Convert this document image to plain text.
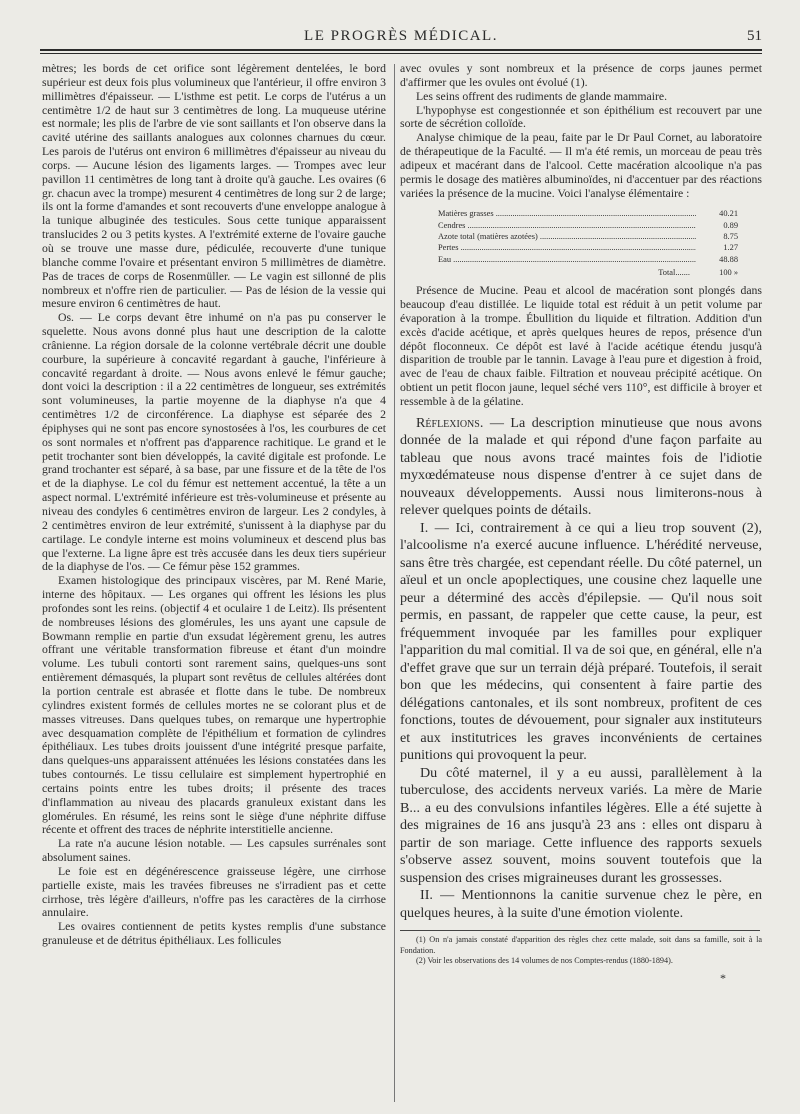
LE PROGRÈS MÉDICAL.	51

mètres; les bords de cet orifice sont légèrement dentelées, le bord supérieur est deux fois plus volumineux que l'antérieur, il offre environ 3 millimètres d'épaisseur. — L'isthme est petit. Le corps de l'utérus a un centimètre 1/2 de haut sur 3 centimètres de long. La muqueuse utérine est normale; les plis de l'arbre de vie sont saillants et l'on observe dans la cavité utérine des saillants analogues aux colonnes charnues du cœur. Les parois de l'utérus ont environ 6 millimètres d'épaisseur au niveau du corps. — Aucune lésion des ligaments larges. — Trompes avec leur pavillon 11 centimètres de long tant à droite qu'à gauche. Les ovaires (6 gr. chacun avec la trompe) mesurent 4 centimètres de long sur 2 de large; ils ont la forme d'amandes et sont recouverts d'une enveloppe analogue à la tunique albuginée des testicules. Sous cette tunique apparaissent translucides 2 ou 3 petits kystes. A l'extrémité externe de l'ovaire gauche où se trouve une masse dure, pédiculée, recouverte d'une tunique blanche comme l'ovaire et présentant environ 5 millimètres de diamètre. Pas de traces de corps de Rosenmüller. — Le vagin est sillonné de plis nombreux et n'offre rien de particulier. — Pas de lésion de la vessie qui mesure environ 6 centimètres de haut.

Os. — Le corps devant être inhumé on n'a pas pu conserver le squelette. Nous avons donné plus haut une description de la calotte crânienne. La région dorsale de la colonne vertébrale décrit une double courbure, la supérieure à concavité regardant à gauche, l'inférieure à concavité regardant à droite. — Nous avons enlevé le fémur gauche; dont voici la description : il a 22 centimètres de longueur, ses extrémités sont volumineuses, la partie moyenne de la diaphyse n'a que 4 centimètres 1/2 de circonférence. La diaphyse est séparée des 2 épiphyses qui ne sont pas encore synostosées à l'os, les courbures de cet os sont normales et n'offrent pas d'apparence rachitique. Le grand et le petit trochanter sont bien développés, la cavité digitale est profonde. Le grand trochanter est séparé, à sa base, par une fissure et de la tête de l'os et de la diaphyse. Le col du fémur est nettement accentué, la tête a un aspect normal. L'extrémité inférieure est très-volumineuse et présente au niveau des condyles 6 centimètres environ de largeur. Les 2 condyles, à 2 centimètres environ de leur extrémité, s'unissent à la diaphyse par du cartilage. Le condyle interne est moins volumineux et descend plus bas que l'externe. La ligne âpre est très accusée dans les deux tiers supérieur de la diaphyse de l'os. — Ce fémur pèse 152 grammes.

Examen histologique des principaux viscères, par M. René Marie, interne des hôpitaux. — Les organes qui offrent les lésions les plus profondes sont les reins. (objectif 4 et oculaire 1 de Leitz). Ils présentent de nombreuses lésions des glomérules, les uns ayant une capsule de Bowmann remplie en partie d'un exsudat légèrement grenu, les autres offrant une véritable transformation fibreuse et étant d'un moindre volume. Les tubuli contorti sont rarement sains, quelques-uns sont entièrement démasqués, la plupart sont revêtus de cellules altérées dont la portion centrale est abrasée et flotte dans le tube. De nombreux cylindres existent formés de cellules mortes ne se colorant plus et de masses vitreuses. Dans quelques tubes, on remarque une hypertrophie avec desquamation complète de l'épithélium et formation de cylindres épithéliaux. Les tubes droits jouissent d'une intégrité presque parfaite, dans quelques-uns apparaissent atténuées les lésions constatées dans les tubes contournés. Le tissu cellulaire est simplement hypertrophié en certains points entre les tubes droits; il présente des traces d'inflammation au niveau des placards granuleux existant dans les glomérules. En résumé, les reins sont le siège d'une néphrite diffuse récente et offrent des traces de néphrite interstitielle ancienne.

La rate n'a aucune lésion notable. — Les capsules surrénales sont absolument saines.

Le foie est en dégénérescence graisseuse légère, une cirrhose partielle existe, mais les travées fibreuses ne s'irradient pas et cette cirrhose, très légère d'ailleurs, n'offre pas les caractères de la cirrhose annulaire.

Les ovaires contiennent de petits kystes remplis d'une substance granuleuse et de détritus épithéliaux. Les follicules

avec ovules y sont nombreux et la présence de corps jaunes permet d'affirmer que les ovules ont évolué (1).

Les seins offrent des rudiments de glande mammaire.

L'hypophyse est congestionnée et son épithélium est recouvert par une sorte de sécrétion colloïde.

Analyse chimique de la peau, faite par le Dr Paul Cornet, au laboratoire de thérapeutique de la Faculté. — Il m'a été remis, un morceau de peau très adipeux et macérant dans de l'alcool. Cette macération alcoolique n'a pas permis le dosage des matières albuminoïdes, ni d'accentuer par des réactions variées la présence de la mucine. Voici l'analyse élémentaire :

Matières grasses .....	40.21
Cendres .....	0.89
Azote total (matières azotées) .....	8.75
Pertes .....	1.27
Eau .....	48.88
Total.......	100 »

Présence de Mucine. Peau et alcool de macération sont plongés dans beaucoup d'eau distillée. Le liquide total est réduit à un petit volume par évaporation à la trompe. Ébullition du liquide et filtration. Addition d'un excès d'acide acétique, et après quelques heures de repos, présence d'un dépôt floconneux. Ce dépôt est lavé à l'acide acétique étendu jusqu'à disparition de trouble par le tannin. Lavage à l'eau pure et digestion à froid, avec de l'eau de chaux faible. Filtration et nouveau précipité acétique. On obtient un petit flocon jaune, lequel séché vers 110°, est difficile à broyer et ressemble à de la gélatine.

Réflexions. — La description minutieuse que nous avons donnée de la malade et qui répond d'une façon parfaite au tableau que nous avons tracé maintes fois de l'idiotie myxœdémateuse nous dispense d'entrer à ce sujet dans de nouveaux développements. Aussi nous limiterons-nous à relever quelques points de détails.

I. — Ici, contrairement à ce qui a lieu trop souvent (2), l'alcoolisme n'a exercé aucune influence. L'hérédité nerveuse, sans être très chargée, est cependant réelle. Du côté paternel, un aïeul et un oncle apoplectiques, une cousine chez laquelle une peur a déterminé des accès d'épilepsie. — Qu'il nous soit permis, en passant, de rappeler que cette cause, la peur, est fréquemment invoquée par les familles pour expliquer l'apparition du mal comitial. Il va de soi que, en général, elle n'a d'effet grave que sur un terrain déjà préparé. Toutefois, il serait bon que les médecins, qui consentent à faire partie des délégations cantonales, et ils sont nombreux, profitent de ces fonctions, toutes de dévouement, pour signaler aux instituteurs et aux institutrices les graves inconvénients de certaines punitions qui provoquent la peur.
Du côté maternel, il y a eu aussi, parallèlement à la tuberculose, des accidents nerveux variés. La mère de Marie B... a eu des convulsions infantiles légères. Elle a été sujette à des migraines de 16 ans jusqu'à 23 ans : elles ont disparu à partir de son mariage. Cette influence des rapports sexuels s'observe assez souvent, moins souvent toutefois que la suspension des crises migraineuses durant les grossesses.
II. — Mentionnons la canitie survenue chez le père, en quelques heures, à la suite d'une émotion violente.

(1) On n'a jamais constaté d'apparition des règles chez cette malade, soit dans sa famille, soit à la Fondation.

(2) Voir les observations des 14 volumes de nos Comptes-rendus (1880-1894).

*
